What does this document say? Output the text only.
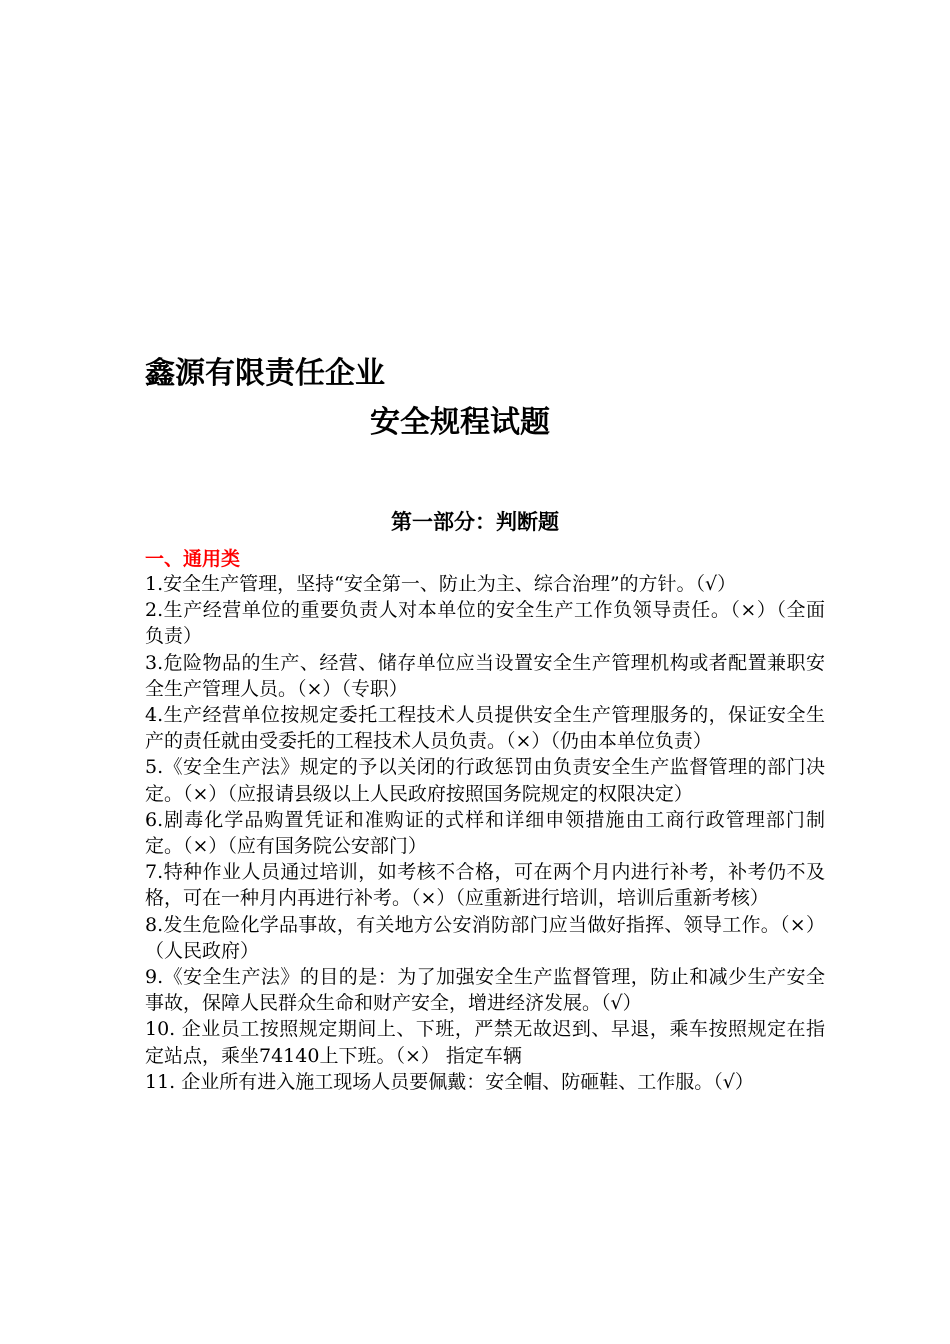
鑫源有限责任企业
安全规程试题
第一部分：判断题
一、通用类

1.安全生产管理，坚持“安全第一、防止为主、综合治理”的方针。（√）

2.生产经营单位的重要负责人对本单位的安全生产工作负领导责任。（×）（全面负责）

3.危险物品的生产、经营、储存单位应当设置安全生产管理机构或者配置兼职安全生产管理人员。（×）（专职）

4.生产经营单位按规定委托工程技术人员提供安全生产管理服务的，保证安全生产的责任就由受委托的工程技术人员负责。（×）（仍由本单位负责）

5.《安全生产法》规定的予以关闭的行政惩罚由负责安全生产监督管理的部门决定。（×）（应报请县级以上人民政府按照国务院规定的权限决定）

6.剧毒化学品购置凭证和准购证的式样和详细申领措施由工商行政管理部门制定。（×）（应有国务院公安部门）

7.特种作业人员通过培训，如考核不合格，可在两个月内进行补考，补考仍不及格，可在一种月内再进行补考。（×）（应重新进行培训，培训后重新考核）

8.发生危险化学品事故，有关地方公安消防部门应当做好指挥、领导工作。（×）（人民政府）

9.《安全生产法》的目的是：为了加强安全生产监督管理，防止和减少生产安全事故，保障人民群众生命和财产安全，增进经济发展。（√）

10. 企业员工按照规定期间上、下班，严禁无故迟到、早退，乘车按照规定在指定站点，乘坐74140上下班。（×） 指定车辆

11. 企业所有进入施工现场人员要佩戴：安全帽、防砸鞋、工作服。（√）
